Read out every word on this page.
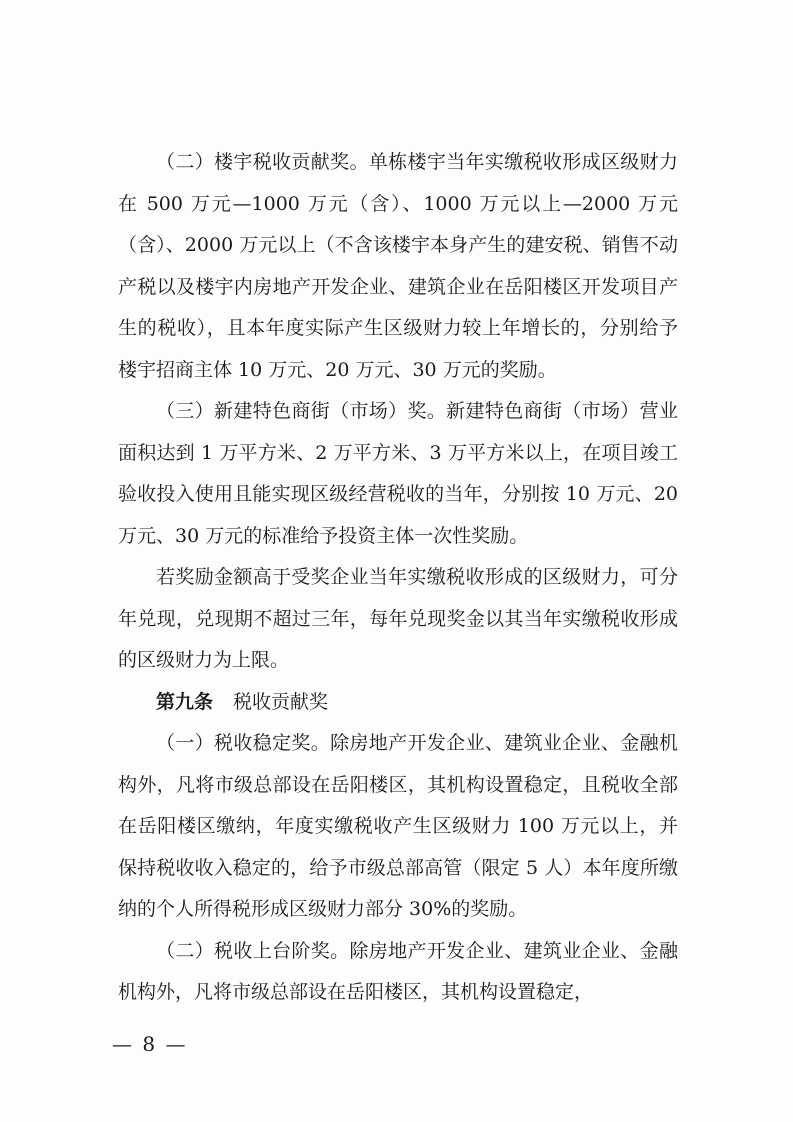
（二）楼宇税收贡献奖。单栋楼宇当年实缴税收形成区级财力在 500 万元—1000 万元（含）、1000 万元以上—2000 万元（含）、2000 万元以上（不含该楼宇本身产生的建安税、销售不动产税以及楼宇内房地产开发企业、建筑企业在岳阳楼区开发项目产生的税收），且本年度实际产生区级财力较上年增长的，分别给予楼宇招商主体 10 万元、20 万元、30 万元的奖励。

（三）新建特色商街（市场）奖。新建特色商街（市场）营业面积达到 1 万平方米、2 万平方米、3 万平方米以上，在项目竣工验收投入使用且能实现区级经营税收的当年，分别按 10 万元、20 万元、30 万元的标准给予投资主体一次性奖励。

若奖励金额高于受奖企业当年实缴税收形成的区级财力，可分年兑现，兑现期不超过三年，每年兑现奖金以其当年实缴税收形成的区级财力为上限。

第九条 税收贡献奖

（一）税收稳定奖。除房地产开发企业、建筑业企业、金融机构外，凡将市级总部设在岳阳楼区，其机构设置稳定，且税收全部在岳阳楼区缴纳，年度实缴税收产生区级财力 100 万元以上，并保持税收收入稳定的，给予市级总部高管（限定 5 人）本年度所缴纳的个人所得税形成区级财力部分 30%的奖励。

（二）税收上台阶奖。除房地产开发企业、建筑业企业、金融机构外，凡将市级总部设在岳阳楼区，其机构设置稳定，

— 8 —
